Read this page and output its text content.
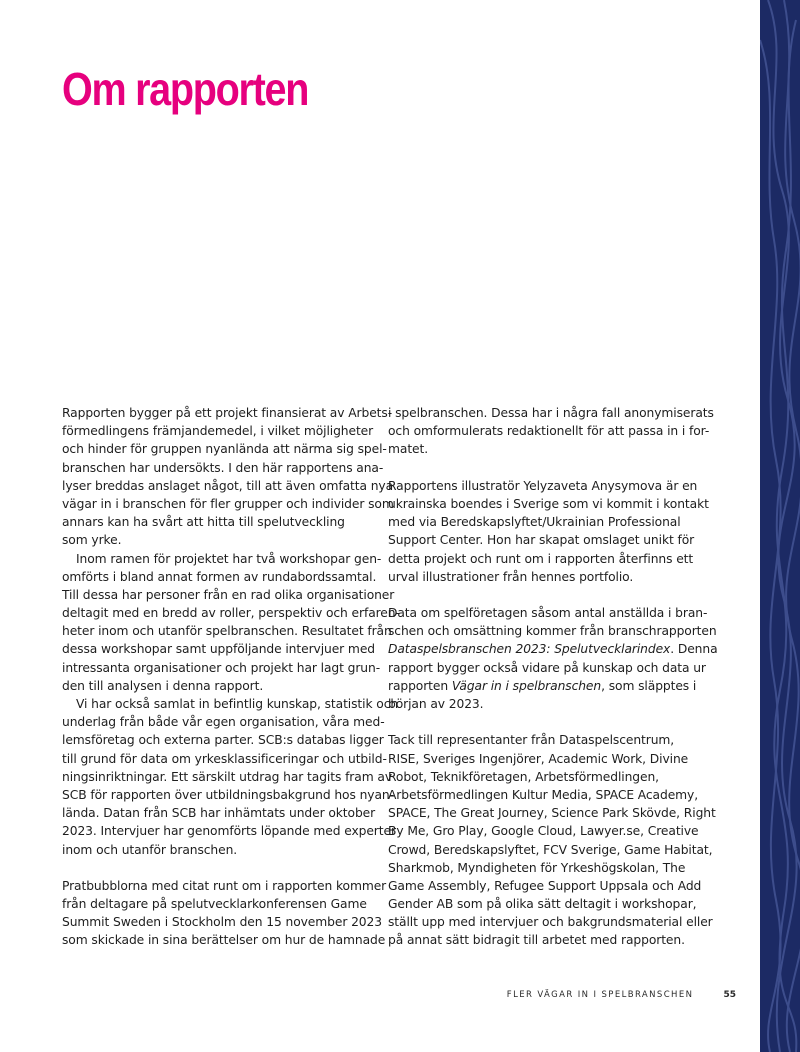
Om rapporten
Rapporten bygger på ett projekt finansierat av Arbets-
förmedlingens främjandemedel, i vilket möjligheter
och hinder för gruppen nyanlända att närma sig spel-
branschen har undersökts. I den här rapportens ana-
lyser breddas anslaget något, till att även omfatta nya
vägar in i branschen för fler grupper och individer som
annars kan ha svårt att hitta till spelutveckling
som yrke.
Inom ramen för projektet har två workshopar gen-
omförts i bland annat formen av rundabordssamtal.
Till dessa har personer från en rad olika organisationer
deltagit med en bredd av roller, perspektiv och erfaren-
heter inom och utanför spelbranschen. Resultatet från
dessa workshopar samt uppföljande intervjuer med
intressanta organisationer och projekt har lagt grun-
den till analysen i denna rapport.
Vi har också samlat in befintlig kunskap, statistik och
underlag från både vår egen organisation, våra med-
lemsföretag och externa parter. SCB:s databas ligger
till grund för data om yrkesklassificeringar och utbild-
ningsinriktningar. Ett särskilt utdrag har tagits fram av
SCB för rapporten över utbildningsbakgrund hos nyan-
lända. Datan från SCB har inhämtats under oktober
2023. Intervjuer har genomförts löpande med experter
inom och utanför branschen.
Pratbubblorna med citat runt om i rapporten kommer
från deltagare på spelutvecklarkonferensen Game
Summit Sweden i Stockholm den 15 november 2023
som skickade in sina berättelser om hur de hamnade
i spelbranschen. Dessa har i några fall anonymiserats
och omformulerats redaktionellt för att passa in i for-
matet.
Rapportens illustratör Yelyzaveta Anysymova är en
ukrainska boendes i Sverige som vi kommit i kontakt
med via Beredskapslyftet/Ukrainian Professional
Support Center. Hon har skapat omslaget unikt för
detta projekt och runt om i rapporten återfinns ett
urval illustrationer från hennes portfolio.
Data om spelföretagen såsom antal anställda i bran-
schen och omsättning kommer från branschrapporten
Dataspelsbranschen 2023: Spelutvecklarindex. Denna
rapport bygger också vidare på kunskap och data ur
rapporten Vägar in i spelbranschen, som släpptes i
början av 2023.
Tack till representanter från Dataspelscentrum,
RISE, Sveriges Ingenjörer, Academic Work, Divine
Robot, Teknikföretagen, Arbetsförmedlingen,
Arbetsförmedlingen Kultur Media, SPACE Academy,
SPACE, The Great Journey, Science Park Skövde, Right
By Me, Gro Play, Google Cloud, Lawyer.se, Creative
Crowd, Beredskapslyftet, FCV Sverige, Game Habitat,
Sharkmob, Myndigheten för Yrkeshögskolan, The
Game Assembly, Refugee Support Uppsala och Add
Gender AB som på olika sätt deltagit i workshopar,
ställt upp med intervjuer och bakgrundsmaterial eller
på annat sätt bidragit till arbetet med rapporten.
FLER VÄGAR IN I SPELBRANSCHEN	55
